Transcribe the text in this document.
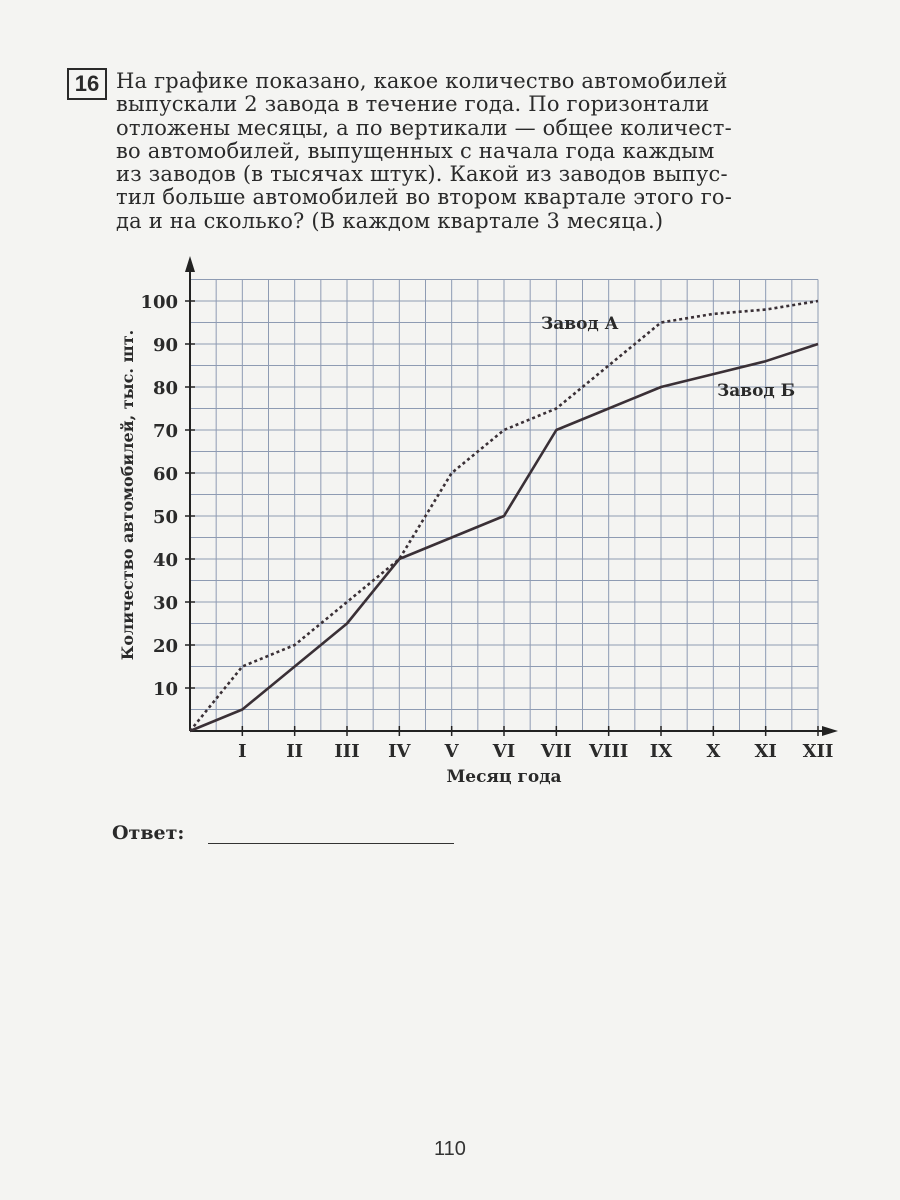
16 На графике показано, какое количество автомобилей
выпускали 2 завода в течение года. По горизонтали
отложены месяцы, а по вертикали — общее количест-
во автомобилей, выпущенных с начала года каждым
из заводов (в тысячах штук). Какой из заводов выпус-
тил больше автомобилей во втором квартале этого го-
да и на сколько? (В каждом квартале 3 месяца.)

10
20
30
40
50
60
70
80
90
100
I II III IV V VI VII VIII IX X XI XII
Месяц года
Количество автомобилей, тыс. шт.
Завод А
Завод Б
Ответ:
110
